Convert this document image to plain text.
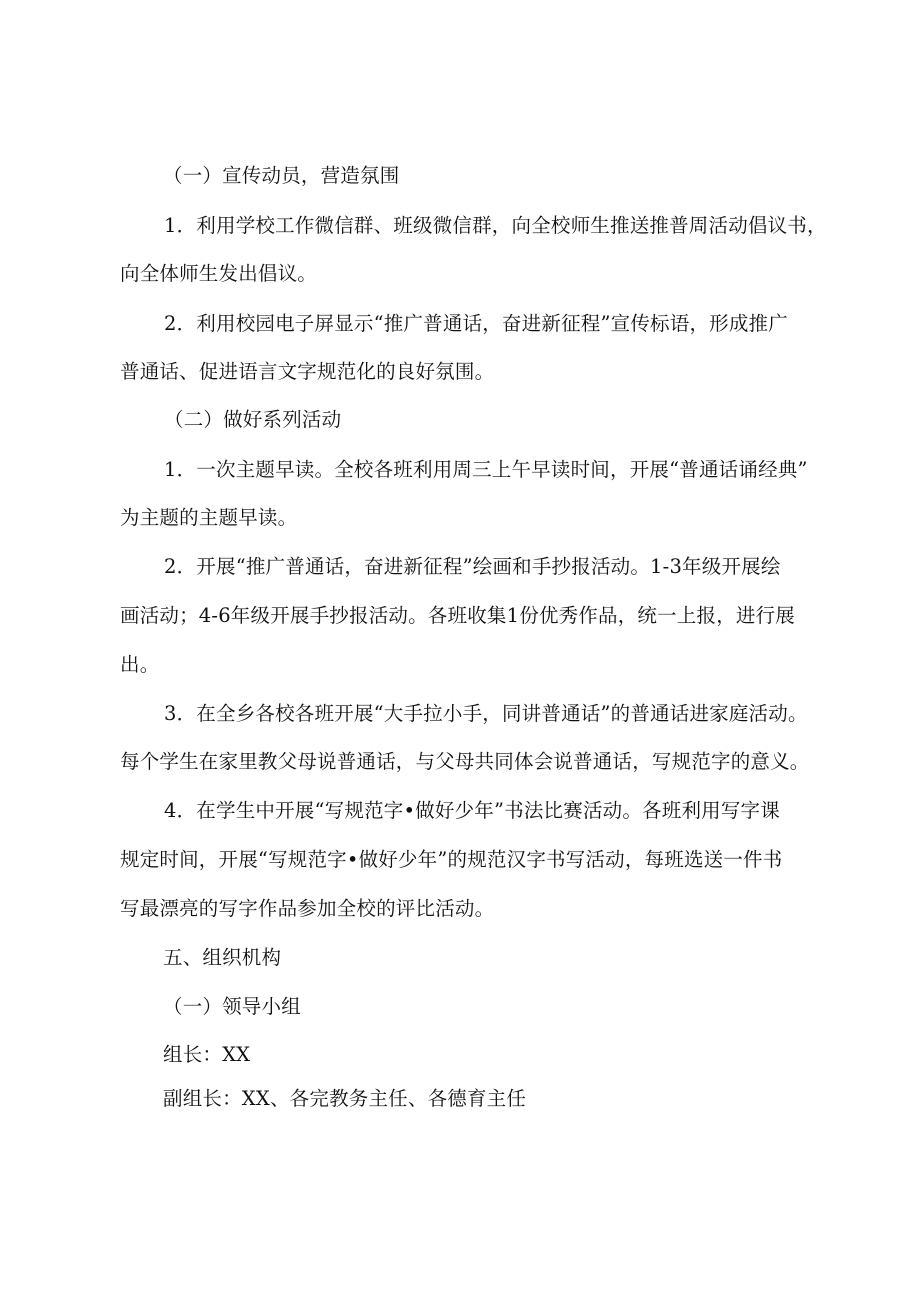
（一）宣传动员，营造氛围
1．利用学校工作微信群、班级微信群，向全校师生推送推普周活动倡议书，
向全体师生发出倡议。
2．利用校园电子屏显示“推广普通话，奋进新征程”宣传标语，形成推广
普通话、促进语言文字规范化的良好氛围。
（二）做好系列活动
1．一次主题早读。全校各班利用周三上午早读时间，开展“普通话诵经典”
为主题的主题早读。
2．开展“推广普通话，奋进新征程”绘画和手抄报活动。1-3年级开展绘
画活动；4-6年级开展手抄报活动。各班收集1份优秀作品，统一上报，进行展
出。
3．在全乡各校各班开展“大手拉小手，同讲普通话”的普通话进家庭活动。
每个学生在家里教父母说普通话，与父母共同体会说普通话，写规范字的意义。
4．在学生中开展“写规范字•做好少年”书法比赛活动。各班利用写字课
规定时间，开展“写规范字•做好少年”的规范汉字书写活动，每班选送一件书
写最漂亮的写字作品参加全校的评比活动。
五、组织机构
（一）领导小组
组长：XX
副组长：XX、各完教务主任、各德育主任
